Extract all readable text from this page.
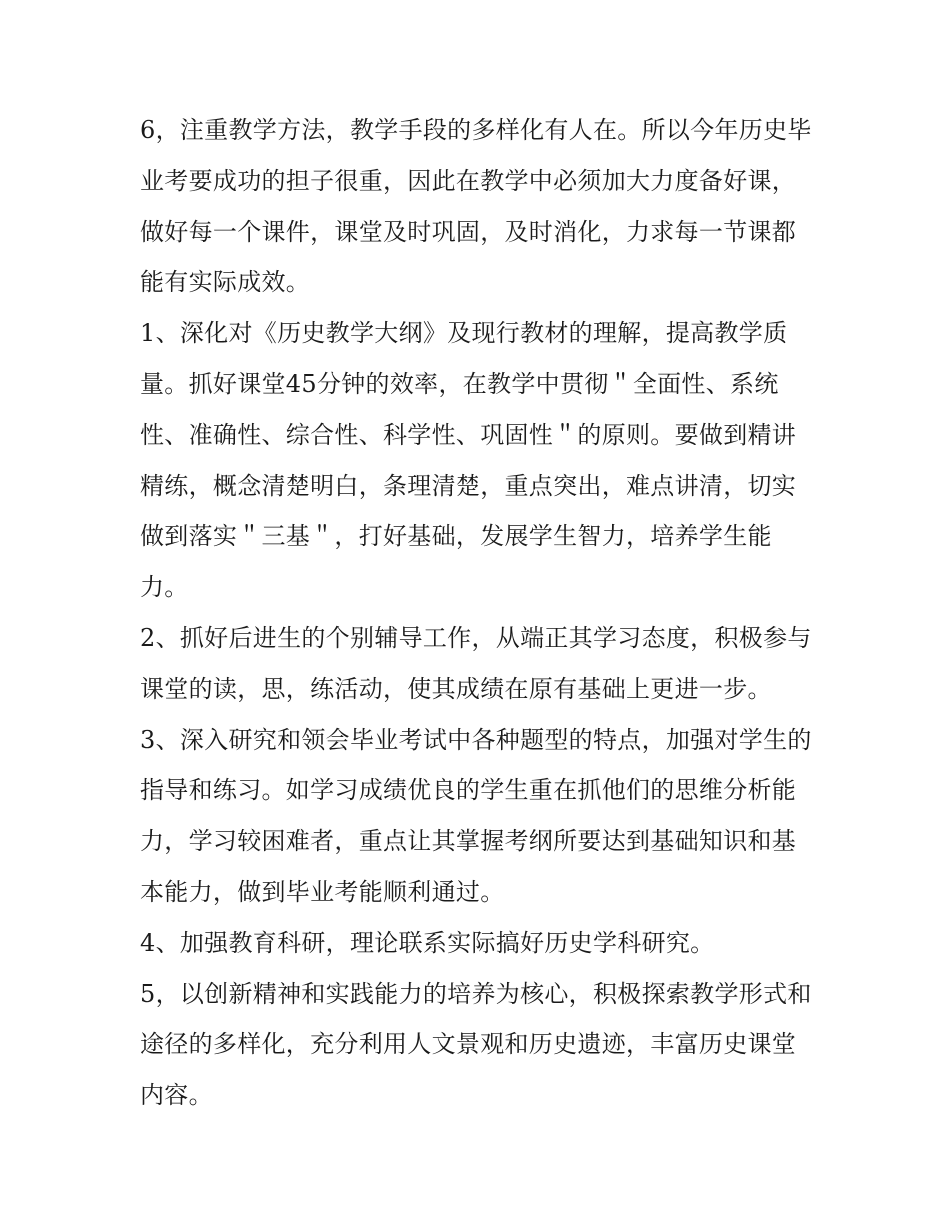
6，注重教学方法，教学手段的多样化有人在。所以今年历史毕业考要成功的担子很重，因此在教学中必须加大力度备好课，做好每一个课件，课堂及时巩固，及时消化，力求每一节课都能有实际成效。

1、深化对《历史教学大纲》及现行教材的理解，提高教学质量。抓好课堂45分钟的效率，在教学中贯彻＂全面性、系统性、准确性、综合性、科学性、巩固性＂的原则。要做到精讲精练，概念清楚明白，条理清楚，重点突出，难点讲清，切实做到落实＂三基＂，打好基础，发展学生智力，培养学生能力。

2、抓好后进生的个别辅导工作，从端正其学习态度，积极参与课堂的读，思，练活动，使其成绩在原有基础上更进一步。

3、深入研究和领会毕业考试中各种题型的特点，加强对学生的指导和练习。如学习成绩优良的学生重在抓他们的思维分析能力，学习较困难者，重点让其掌握考纲所要达到基础知识和基本能力，做到毕业考能顺利通过。

4、加强教育科研，理论联系实际搞好历史学科研究。

5，以创新精神和实践能力的培养为核心，积极探索教学形式和途径的多样化，充分利用人文景观和历史遗迹，丰富历史课堂内容。
